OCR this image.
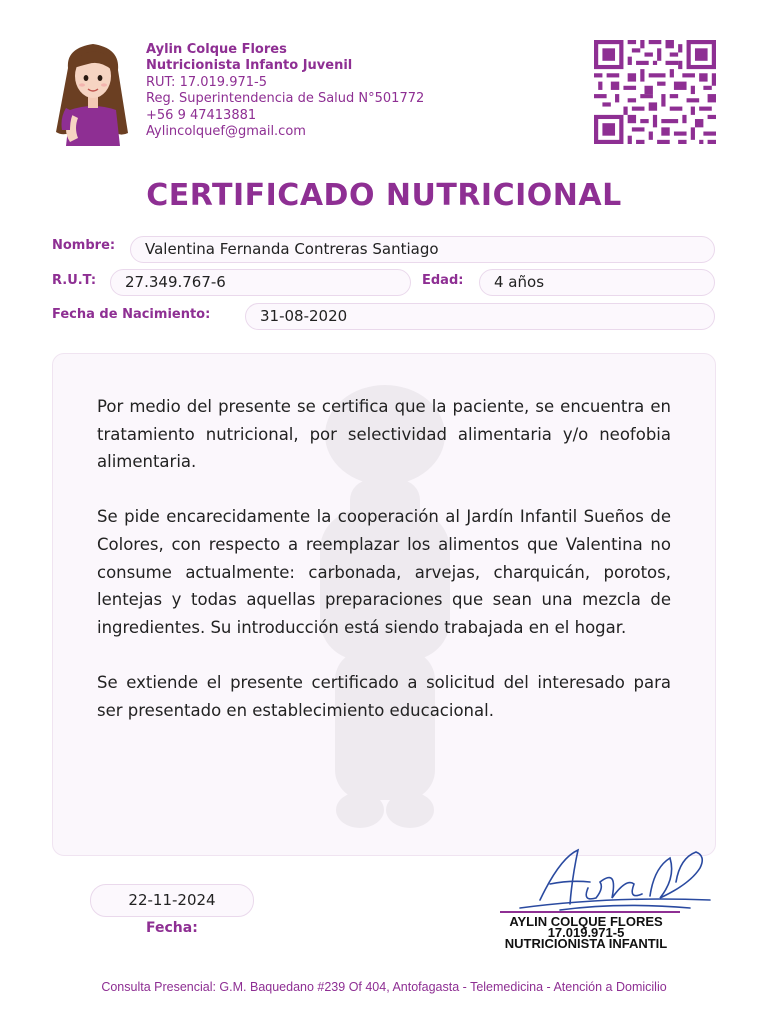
Aylin Colque Flores
Nutricionista Infanto Juvenil
RUT: 17.019.971-5
Reg. Superintendencia de Salud N°501772
+56 9 47413881
Aylincolquef@gmail.com
CERTIFICADO NUTRICIONAL
Nombre:	Valentina Fernanda Contreras Santiago
R.U.T:	27.349.767-6	Edad:	4 años
Fecha de Nacimiento:	31-08-2020

Por medio del presente se certifica que la paciente, se encuentra en tratamiento nutricional, por selectividad alimentaria y/o neofobia alimentaria.

Se pide encarecidamente la cooperación al Jardín Infantil Sueños de Colores, con respecto a reemplazar los alimentos que Valentina no consume actualmente: carbonada, arvejas, charquicán, porotos, lentejas y todas aquellas preparaciones que sean una mezcla de ingredientes. Su introducción está siendo trabajada en el hogar.

Se extiende el presente certificado a solicitud del interesado para ser presentado en establecimiento educacional.

22-11-2024
Fecha:	AYLIN COLQUE FLORES
17.019.971-5
NUTRICIONISTA INFANTIL
Consulta Presencial: G.M. Baquedano #239 Of 404, Antofagasta - Telemedicina - Atención a Domicilio
